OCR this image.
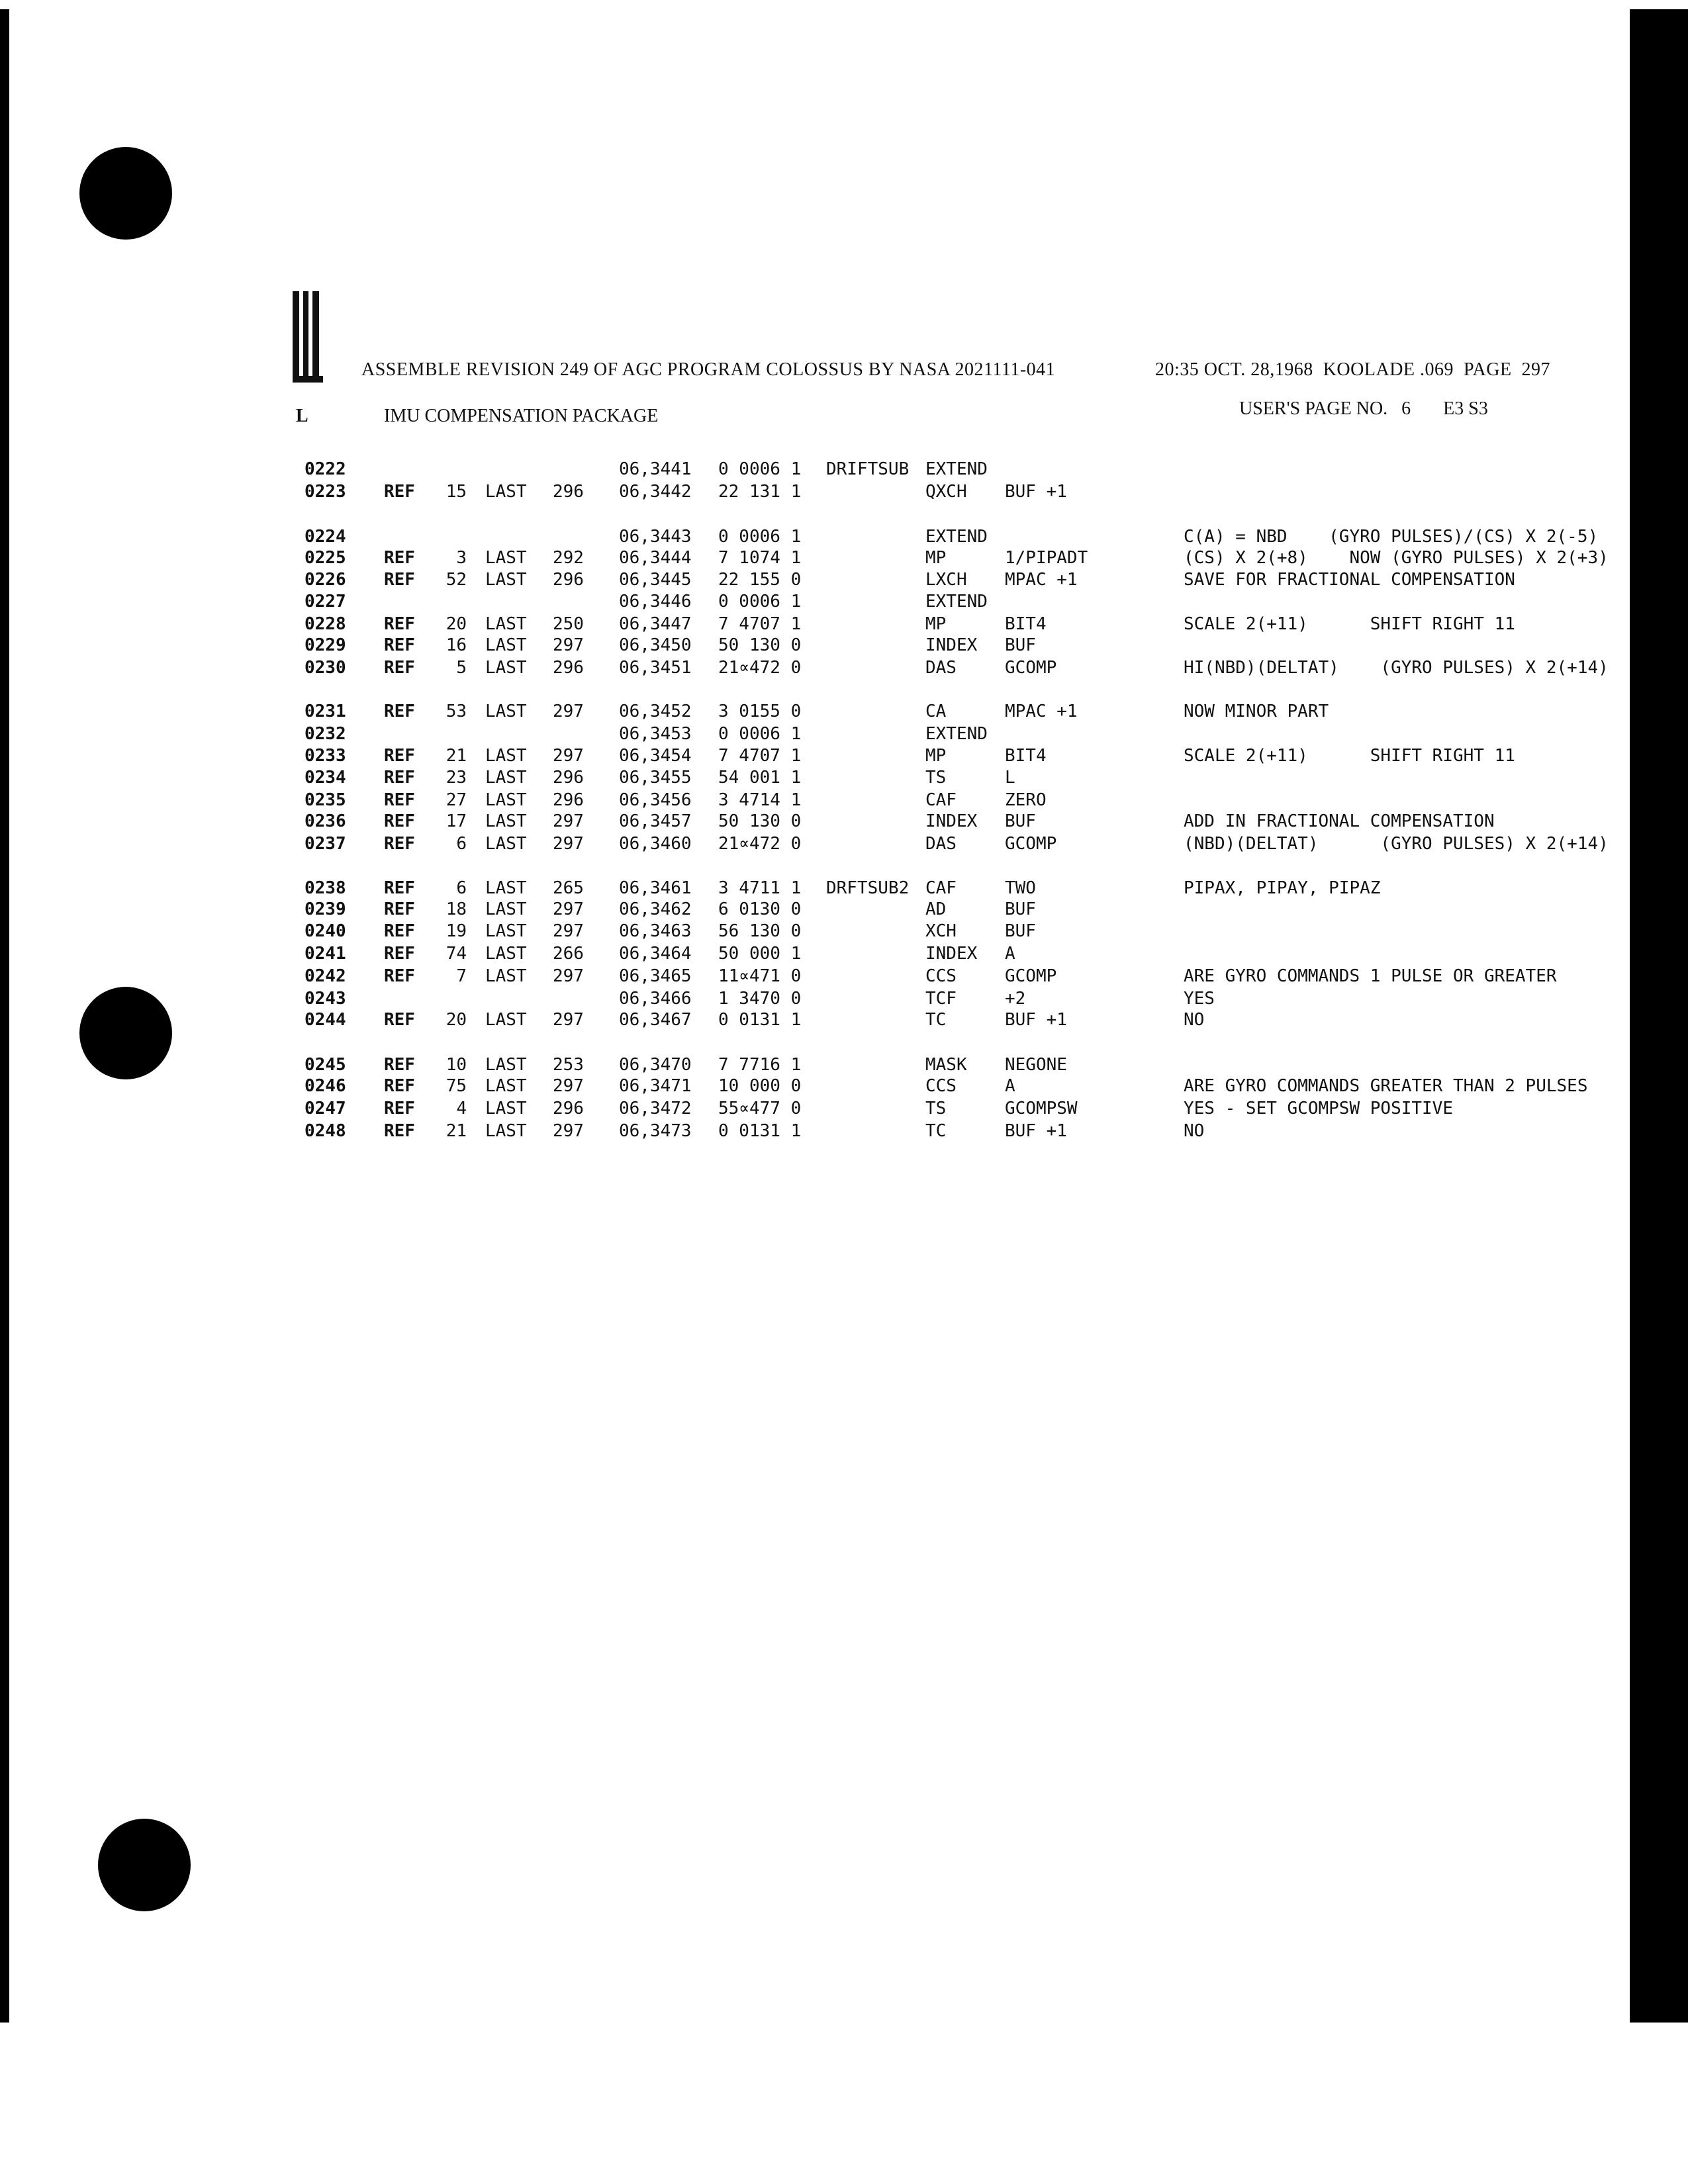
ASSEMBLE REVISION 249 OF AGC PROGRAM COLOSSUS BY NASA 2021111-041	20:35 OCT. 28,1968  KOOLADE .069  PAGE  297
L	IMU COMPENSATION PACKAGE	USER'S PAGE NO.   6       E3 S3
0222	06,3441 0 0006 1 DRIFTSUB EXTEND
0223 REF	15 LAST 296 06,3442 22 131 1	QXCH BUF +1
0224	06,3443 0 0006 1	EXTEND	C(A) = NBD    (GYRO PULSES)/(CS) X 2(-5)
0225 REF	3 LAST 292 06,3444 7 1074 1	MP	1/PIPADT	(CS) X 2(+8)    NOW (GYRO PULSES) X 2(+3)
0226 REF	52 LAST 296 06,3445 22 155 0	LXCH MPAC +1	SAVE FOR FRACTIONAL COMPENSATION
0227	06,3446 0 0006 1	EXTEND
0228 REF	20 LAST 250 06,3447 7 4707 1	MP	BIT4	SCALE 2(+11)      SHIFT RIGHT 11
0229 REF	16 LAST 297 06,3450 50 130 0	INDEX BUF
0230 REF	5 LAST 296 06,3451 21∝472 0	DAS	GCOMP	HI(NBD)(DELTAT)    (GYRO PULSES) X 2(+14)
0231 REF	53 LAST 297 06,3452 3 0155 0	CA	MPAC +1	NOW MINOR PART
0232	06,3453 0 0006 1	EXTEND
0233 REF	21 LAST 297 06,3454 7 4707 1	MP	BIT4	SCALE 2(+11)      SHIFT RIGHT 11
0234 REF	23 LAST 296 06,3455 54 001 1	TS	L
0235 REF	27 LAST 296 06,3456 3 4714 1	CAF	ZERO
0236 REF	17 LAST 297 06,3457 50 130 0	INDEX BUF	ADD IN FRACTIONAL COMPENSATION
0237 REF	6 LAST 297 06,3460 21∝472 0	DAS	GCOMP	(NBD)(DELTAT)      (GYRO PULSES) X 2(+14)
0238 REF	6 LAST 265 06,3461 3 4711 1 DRFTSUB2 CAF	TWO	PIPAX, PIPAY, PIPAZ
0239 REF	18 LAST 297 06,3462 6 0130 0	AD	BUF
0240 REF	19 LAST 297 06,3463 56 130 0	XCH	BUF
0241 REF	74 LAST 266 06,3464 50 000 1	INDEX A
0242 REF	7 LAST 297 06,3465 11∝471 0	CCS	GCOMP	ARE GYRO COMMANDS 1 PULSE OR GREATER
0243	06,3466 1 3470 0	TCF	+2	YES
0244 REF	20 LAST 297 06,3467 0 0131 1	TC	BUF +1	NO
0245 REF	10 LAST 253 06,3470 7 7716 1	MASK NEGONE
0246 REF	75 LAST 297 06,3471 10 000 0	CCS	A	ARE GYRO COMMANDS GREATER THAN 2 PULSES
0247 REF	4 LAST 296 06,3472 55∝477 0	TS	GCOMPSW	YES - SET GCOMPSW POSITIVE
0248 REF	21 LAST 297 06,3473 0 0131 1	TC	BUF +1	NO
